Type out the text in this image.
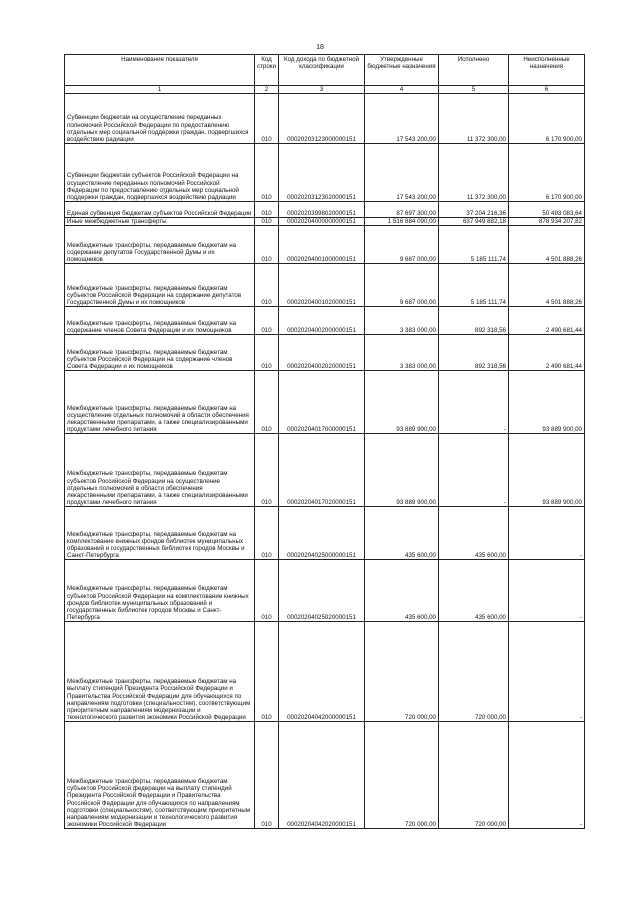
18
Наименование показателя	Код строки	Код дохода по бюджетной классификации	Утвержденные бюджетные назначения	Исполнено	Неисполненные назначения
1	2	3	4	5	6
Субвенции бюджетам на осуществление переданных полномочий Российской Федерации по предоставлению отдельных мер социальной поддержки граждан, подвергшихся воздействию радиации	010	00020203123000000151	17 543 200,00	11 372 300,00	6 170 900,00
Субвенции бюджетам субъектов Российской Федерации на осуществление переданных полномочий Российской Федерации по предоставлению отдельных мер социальной поддержки граждан, подвергшихся воздействию радиации	010	00020203123020000151	17 543 200,00	11 372 300,00	6 170 900,00
Единая субвенция бюджетам субъектов Российской Федерации	010	00020203998020000151	87 697 300,00	37 204 216,36	50 493 083,64
Иные межбюджетные трансферты	010	00020204000000000151	1 516 884 090,00	637 949 882,18	878 934 207,82
Межбюджетные трансферты, передаваемые бюджетам на содержание депутатов Государственной Думы и их помощников	010	00020204001000000151	9 687 000,00	5 185 111,74	4 501 888,26
Межбюджетные трансферты, передаваемые бюджетам субъектов Российской Федерации на содержание депутатов Государственной Думы и их помощников	010	00020204001020000151	9 687 000,00	5 185 111,74	4 501 888,26
Межбюджетные трансферты, передаваемые бюджетам на содержание членов Совета Федерации и их помощников	010	00020204002000000151	3 383 000,00	892 318,56	2 490 681,44
Межбюджетные трансферты, передаваемые бюджетам субъектов Российской Федерации на содержание членов Совета Федерации и их помощников	010	00020204002020000151	3 383 000,00	892 318,56	2 490 681,44
Межбюджетные трансферты, передаваемые бюджетам на осуществление отдельных полномочий в области обеспечения лекарственными препаратами, а также специализированными продуктами лечебного питания	010	00020204017000000151	93 889 900,00	-	93 889 900,00
Межбюджетные трансферты, передаваемые бюджетам субъектов Российской Федерации на осуществление отдельных полномочий в области обеспечения лекарственными препаратами, а также специализированными продуктами лечебного питания	010	00020204017020000151	93 889 900,00	-	93 889 900,00
Межбюджетные трансферты, передаваемые бюджетам на комплектование книжных фондов библиотек муниципальных образований и государственных библиотек городов Москвы и Санкт-Петербурга	010	00020204025000000151	435 600,00	435 600,00	-
Межбюджетные трансферты, передаваемые бюджетам субъектов Российской Федерации на комплектование книжных фондов библиотек муниципальных образований и государственных библиотек городов Москвы и Санкт-Петербурга	010	00020204025020000151	435 600,00	435 600,00	-
Межбюджетные трансферты, передаваемые бюджетам на выплату стипендий Президента Российской Федерации и Правительства Российской Федерации для обучающихся по направлениям подготовки (специальностям), соответствующим приоритетным направлениям модернизации и технологического развития экономики Российской Федерации	010	00020204042000000151	720 000,00	720 000,00	-
Межбюджетные трансферты, передаваемые бюджетам субъектов Российской федерации на выплату стипендий Президента Российской Федерации и Правительства Российской Федерации для обучающихся по направлениям подготовки (специальностям), соответствующим приоритетным направлениям модернизации и технологического развития экономики Российской Федерации	010	00020204042020000151	720 000,00	720 000,00	-
